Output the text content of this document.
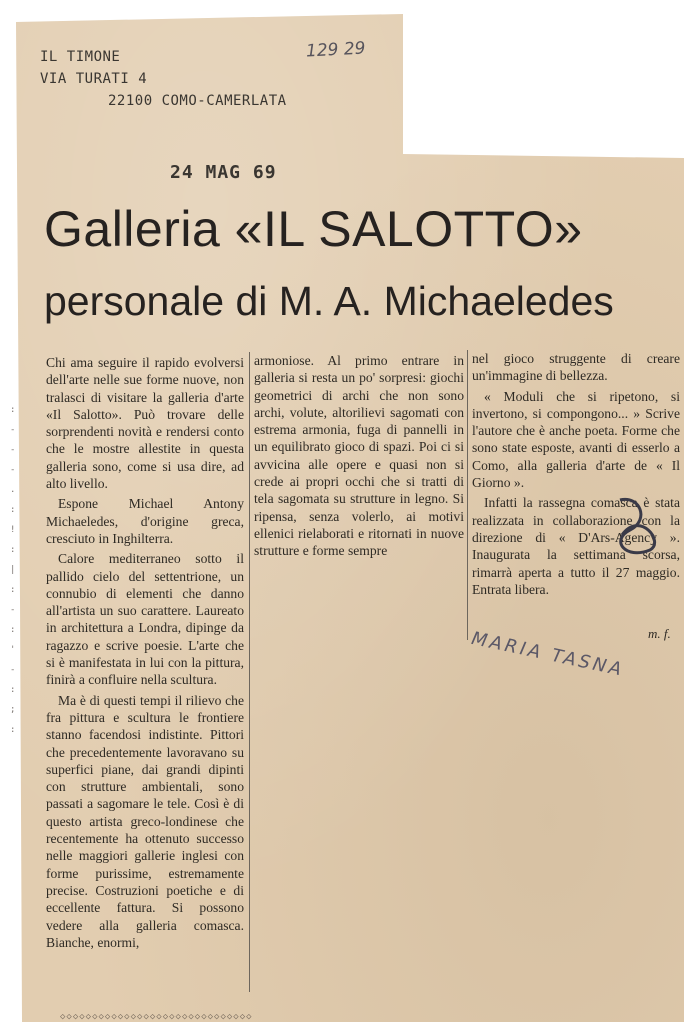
IL TIMONE
VIA TURATI 4
22100 COMO-CAMERLATA
129 29
24 MAG 69
Galleria «IL SALOTTO»
personale di M. A. Michaeledes

Chi ama seguire il rapido evolversi dell'arte nelle sue forme nuove, non tralasci di visitare la galleria d'arte «Il Salotto». Può trovare delle sorprendenti novità e rendersi conto che le mostre allestite in questa galleria sono, come si usa dire, ad alto livello.

Espone Michael Antony Michaeledes, d'origine greca, cresciuto in Inghilterra.

Calore mediterraneo sotto il pallido cielo del settentrione, un connubio di elementi che danno all'artista un suo carattere. Laureato in architettura a Londra, dipinge da ragazzo e scrive poesie. L'arte che si è manifestata in lui con la pittura, finirà a confluire nella scultura.

Ma è di questi tempi il rilievo che fra pittura e scultura le frontiere stanno facendosi indistinte. Pittori che precedentemente lavoravano su superfici piane, dai grandi dipinti con strutture ambientali, sono passati a sagomare le tele. Così è di questo artista greco-londinese che recentemente ha ottenuto successo nelle maggiori gallerie inglesi con forme purissime, estremamente precise. Costruzioni poetiche e di eccellente fattura. Si possono vedere alla galleria comasca. Bianche, enormi,

armoniose. Al primo entrare in galleria si resta un po' sorpresi: giochi geometrici di archi che non sono archi, volute, altorilievi sagomati con estrema armonia, fuga di pannelli in un equilibrato gioco di spazi. Poi ci si avvicina alle opere e quasi non si crede ai propri occhi che si tratti di tela sagomata su strutture in legno. Si ripensa, senza volerlo, ai motivi ellenici rielaborati e ritornati in nuove strutture e forme sempre

nel gioco struggente di creare un'immagine di bellezza.

« Moduli che si ripetono, si invertono, si compongono... » Scrive l'autore che è anche poeta. Forme che sono state esposte, avanti di esserlo a Como, alla galleria d'arte de « Il Giorno ».

Infatti la rassegna comasca è stata realizzata in collaborazione con la direzione di « D'Ars-Agency ». Inaugurata la settimana scorsa, rimarrà aperta a tutto il 27 maggio. Entrata libera.

m. f.
MARIA TASNA
: - - - . : ! : | : - : ' - : ; :
◇◇◇◇◇◇◇◇◇◇◇◇◇◇◇◇◇◇◇◇◇◇◇◇◇◇◇◇◇◇
